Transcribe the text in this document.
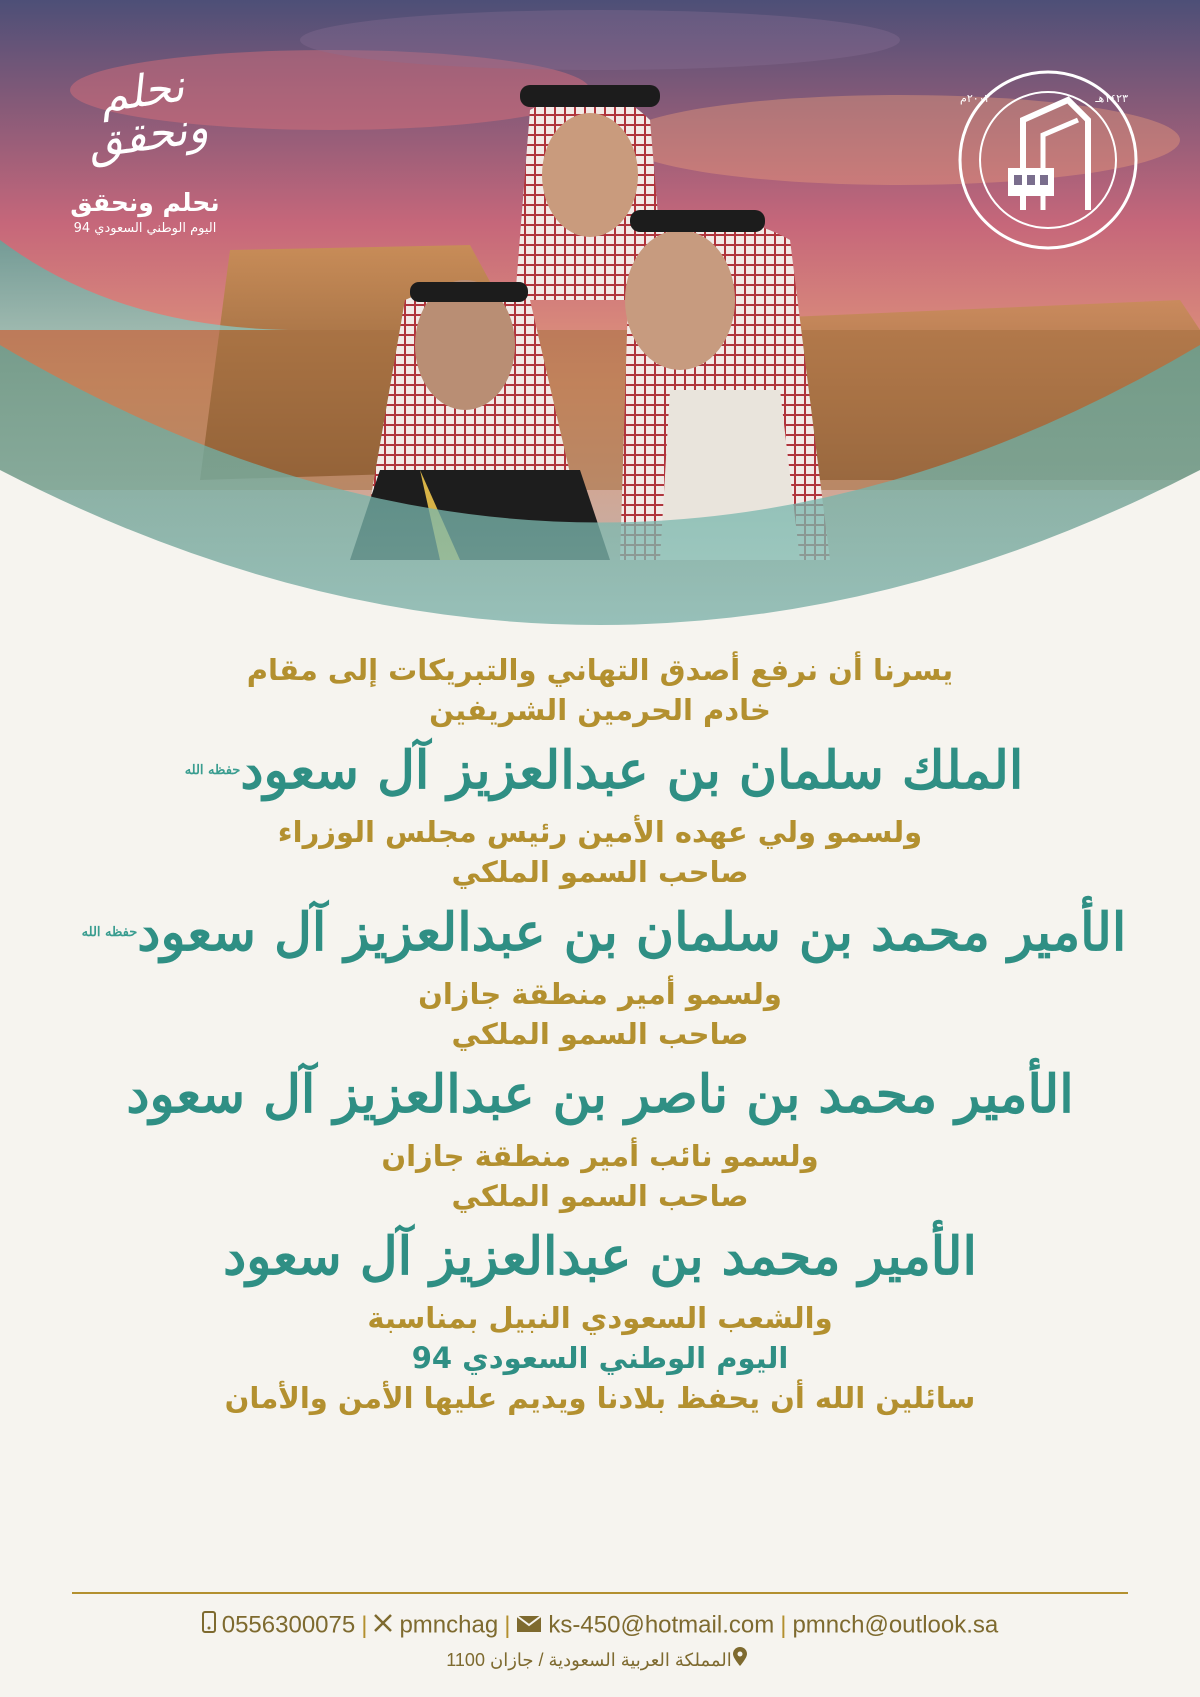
نحلم ونحقق
نحلم ونحقق
اليوم الوطني السعودي 94
١٤٢٣هـ
٢٠٠٢م
يسرنا أن نرفع أصدق التهاني والتبريكات إلى مقام
خادم الحرمين الشريفين
الملك سلمان بن عبدالعزيز آل سعودحفظه الله
ولسمو ولي عهده الأمين رئيس مجلس الوزراء
صاحب السمو الملكي
الأمير محمد بن سلمان بن عبدالعزيز آل سعودحفظه الله
ولسمو أمير منطقة جازان
صاحب السمو الملكي
الأمير محمد بن ناصر بن عبدالعزيز آل سعود
ولسمو نائب أمير منطقة جازان
صاحب السمو الملكي
الأمير محمد بن عبدالعزيز آل سعود
والشعب السعودي النبيل بمناسبة
اليوم الوطني السعودي 94
سائلين الله أن يحفظ بلادنا ويديم عليها الأمن والأمان
0556300075 | pmnchag | ks-450@hotmail.com | pmnch@outlook.sa
المملكة العربية السعودية / جازان 1100
